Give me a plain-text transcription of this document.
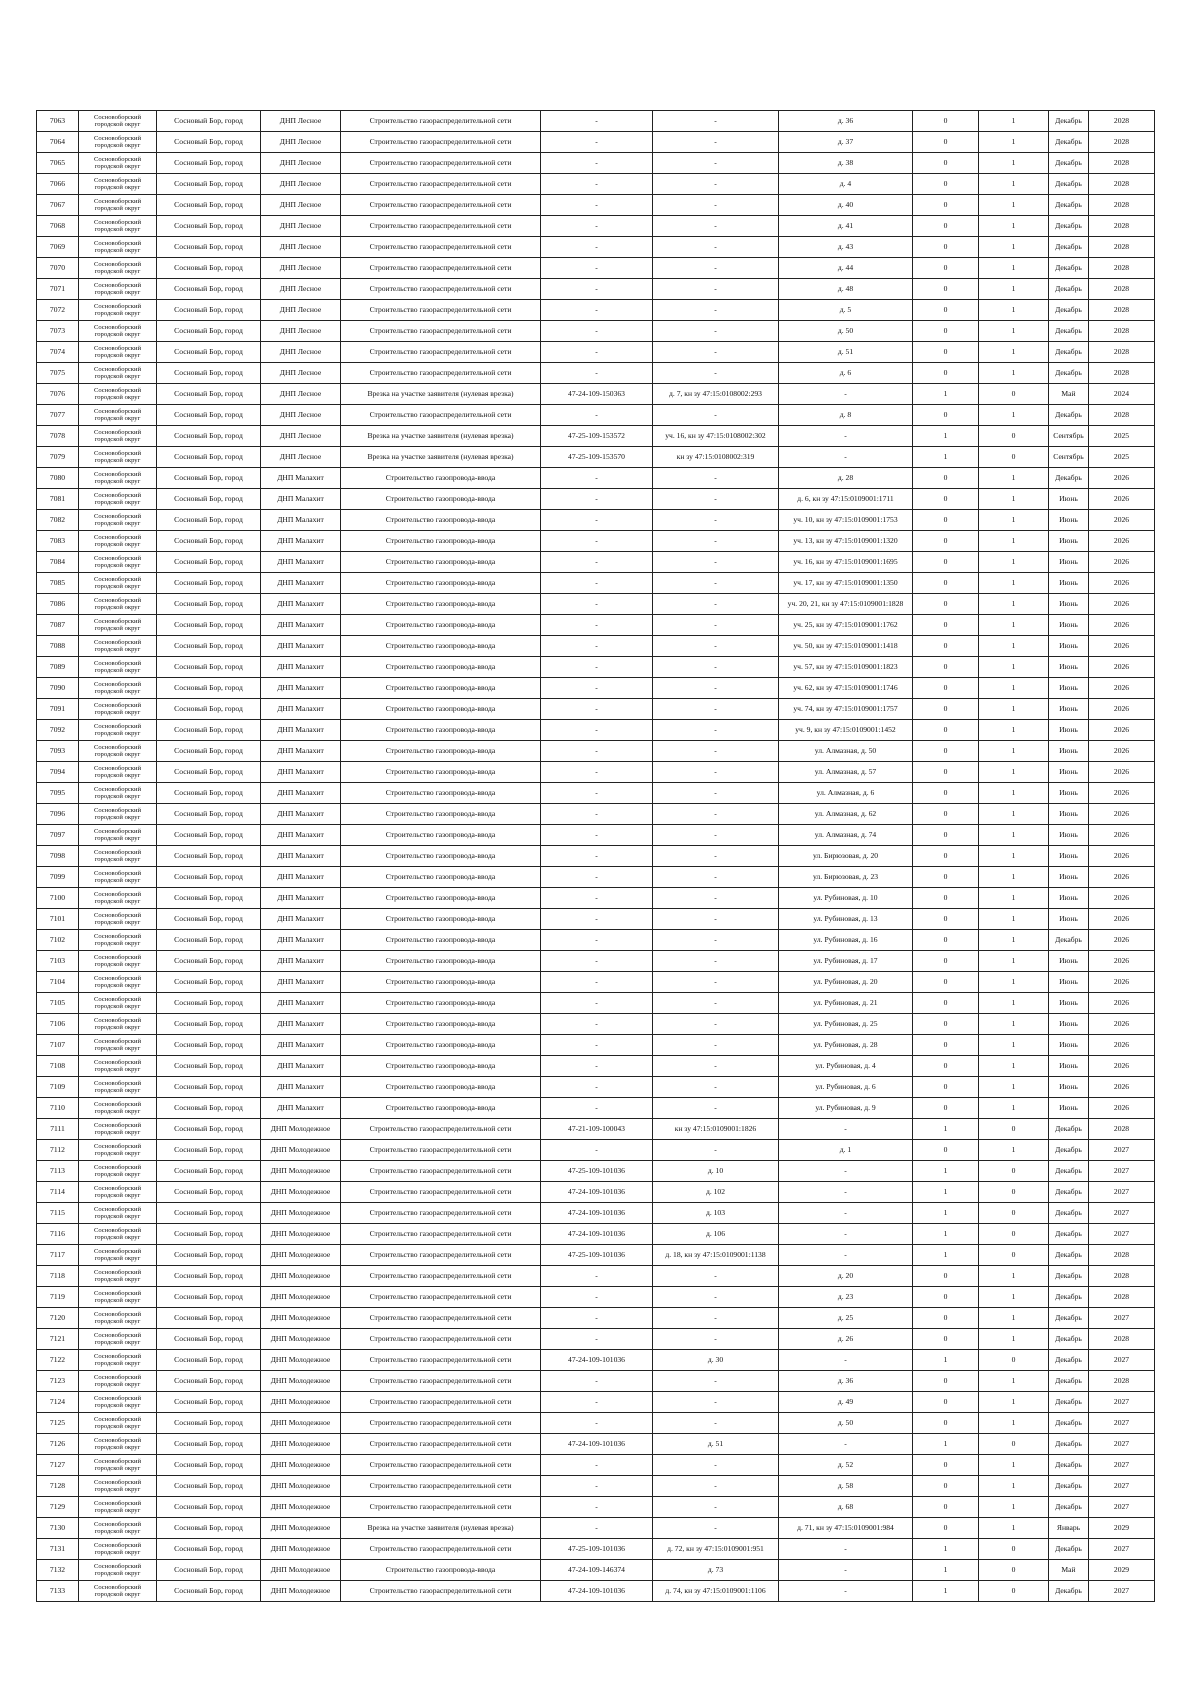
7063	Сосновоборский городской округ	Сосновый Бор, город	ДНП Лесное	Строительство газораспределительной сети	-	-	д. 36	0	1	Декабрь	2028
7064	Сосновоборский городской округ	Сосновый Бор, город	ДНП Лесное	Строительство газораспределительной сети	-	-	д. 37	0	1	Декабрь	2028
7065	Сосновоборский городской округ	Сосновый Бор, город	ДНП Лесное	Строительство газораспределительной сети	-	-	д. 38	0	1	Декабрь	2028
7066	Сосновоборский городской округ	Сосновый Бор, город	ДНП Лесное	Строительство газораспределительной сети	-	-	д. 4	0	1	Декабрь	2028
7067	Сосновоборский городской округ	Сосновый Бор, город	ДНП Лесное	Строительство газораспределительной сети	-	-	д. 40	0	1	Декабрь	2028
7068	Сосновоборский городской округ	Сосновый Бор, город	ДНП Лесное	Строительство газораспределительной сети	-	-	д. 41	0	1	Декабрь	2028
7069	Сосновоборский городской округ	Сосновый Бор, город	ДНП Лесное	Строительство газораспределительной сети	-	-	д. 43	0	1	Декабрь	2028
7070	Сосновоборский городской округ	Сосновый Бор, город	ДНП Лесное	Строительство газораспределительной сети	-	-	д. 44	0	1	Декабрь	2028
7071	Сосновоборский городской округ	Сосновый Бор, город	ДНП Лесное	Строительство газораспределительной сети	-	-	д. 48	0	1	Декабрь	2028
7072	Сосновоборский городской округ	Сосновый Бор, город	ДНП Лесное	Строительство газораспределительной сети	-	-	д. 5	0	1	Декабрь	2028
7073	Сосновоборский городской округ	Сосновый Бор, город	ДНП Лесное	Строительство газораспределительной сети	-	-	д. 50	0	1	Декабрь	2028
7074	Сосновоборский городской округ	Сосновый Бор, город	ДНП Лесное	Строительство газораспределительной сети	-	-	д. 51	0	1	Декабрь	2028
7075	Сосновоборский городской округ	Сосновый Бор, город	ДНП Лесное	Строительство газораспределительной сети	-	-	д. 6	0	1	Декабрь	2028
7076	Сосновоборский городской округ	Сосновый Бор, город	ДНП Лесное	Врезка на участке заявителя (нулевая врезка)	47-24-109-150363	д. 7, кн зу 47:15:0108002:293	-	1	0	Май	2024
7077	Сосновоборский городской округ	Сосновый Бор, город	ДНП Лесное	Строительство газораспределительной сети	-	-	д. 8	0	1	Декабрь	2028
7078	Сосновоборский городской округ	Сосновый Бор, город	ДНП Лесное	Врезка на участке заявителя (нулевая врезка)	47-25-109-153572	уч. 16, кн зу 47:15:0108002:302	-	1	0	Сентябрь	2025
7079	Сосновоборский городской округ	Сосновый Бор, город	ДНП Лесное	Врезка на участке заявителя (нулевая врезка)	47-25-109-153570	кн зу 47:15:0108002:319	-	1	0	Сентябрь	2025
7080	Сосновоборский городской округ	Сосновый Бор, город	ДНП Малахит	Строительство газопровода-ввода	-	-	д. 28	0	1	Декабрь	2026
7081	Сосновоборский городской округ	Сосновый Бор, город	ДНП Малахит	Строительство газопровода-ввода	-	-	д. 6, кн зу 47:15:0109001:1711	0	1	Июнь	2026
7082	Сосновоборский городской округ	Сосновый Бор, город	ДНП Малахит	Строительство газопровода-ввода	-	-	уч. 10, кн зу 47:15:0109001:1753	0	1	Июнь	2026
7083	Сосновоборский городской округ	Сосновый Бор, город	ДНП Малахит	Строительство газопровода-ввода	-	-	уч. 13, кн зу 47:15:0109001:1320	0	1	Июнь	2026
7084	Сосновоборский городской округ	Сосновый Бор, город	ДНП Малахит	Строительство газопровода-ввода	-	-	уч. 16, кн зу 47:15:0109001:1695	0	1	Июнь	2026
7085	Сосновоборский городской округ	Сосновый Бор, город	ДНП Малахит	Строительство газопровода-ввода	-	-	уч. 17, кн зу 47:15:0109001:1350	0	1	Июнь	2026
7086	Сосновоборский городской округ	Сосновый Бор, город	ДНП Малахит	Строительство газопровода-ввода	-	-	уч. 20, 21, кн зу 47:15:0109001:1828	0	1	Июнь	2026
7087	Сосновоборский городской округ	Сосновый Бор, город	ДНП Малахит	Строительство газопровода-ввода	-	-	уч. 25, кн зу 47:15:0109001:1762	0	1	Июнь	2026
7088	Сосновоборский городской округ	Сосновый Бор, город	ДНП Малахит	Строительство газопровода-ввода	-	-	уч. 50, кн зу 47:15:0109001:1418	0	1	Июнь	2026
7089	Сосновоборский городской округ	Сосновый Бор, город	ДНП Малахит	Строительство газопровода-ввода	-	-	уч. 57, кн зу 47:15:0109001:1823	0	1	Июнь	2026
7090	Сосновоборский городской округ	Сосновый Бор, город	ДНП Малахит	Строительство газопровода-ввода	-	-	уч. 62, кн зу 47:15:0109001:1746	0	1	Июнь	2026
7091	Сосновоборский городской округ	Сосновый Бор, город	ДНП Малахит	Строительство газопровода-ввода	-	-	уч. 74, кн зу 47:15:0109001:1757	0	1	Июнь	2026
7092	Сосновоборский городской округ	Сосновый Бор, город	ДНП Малахит	Строительство газопровода-ввода	-	-	уч. 9, кн зу 47:15:0109001:1452	0	1	Июнь	2026
7093	Сосновоборский городской округ	Сосновый Бор, город	ДНП Малахит	Строительство газопровода-ввода	-	-	ул. Алмазная, д. 50	0	1	Июнь	2026
7094	Сосновоборский городской округ	Сосновый Бор, город	ДНП Малахит	Строительство газопровода-ввода	-	-	ул. Алмазная, д. 57	0	1	Июнь	2026
7095	Сосновоборский городской округ	Сосновый Бор, город	ДНП Малахит	Строительство газопровода-ввода	-	-	ул. Алмазная, д. 6	0	1	Июнь	2026
7096	Сосновоборский городской округ	Сосновый Бор, город	ДНП Малахит	Строительство газопровода-ввода	-	-	ул. Алмазная, д. 62	0	1	Июнь	2026
7097	Сосновоборский городской округ	Сосновый Бор, город	ДНП Малахит	Строительство газопровода-ввода	-	-	ул. Алмазная, д. 74	0	1	Июнь	2026
7098	Сосновоборский городской округ	Сосновый Бор, город	ДНП Малахит	Строительство газопровода-ввода	-	-	ул. Бирюзовая, д. 20	0	1	Июнь	2026
7099	Сосновоборский городской округ	Сосновый Бор, город	ДНП Малахит	Строительство газопровода-ввода	-	-	ул. Бирюзовая, д. 23	0	1	Июнь	2026
7100	Сосновоборский городской округ	Сосновый Бор, город	ДНП Малахит	Строительство газопровода-ввода	-	-	ул. Рубиновая, д. 10	0	1	Июнь	2026
7101	Сосновоборский городской округ	Сосновый Бор, город	ДНП Малахит	Строительство газопровода-ввода	-	-	ул. Рубиновая, д. 13	0	1	Июнь	2026
7102	Сосновоборский городской округ	Сосновый Бор, город	ДНП Малахит	Строительство газопровода-ввода	-	-	ул. Рубиновая, д. 16	0	1	Декабрь	2026
7103	Сосновоборский городской округ	Сосновый Бор, город	ДНП Малахит	Строительство газопровода-ввода	-	-	ул. Рубиновая, д. 17	0	1	Июнь	2026
7104	Сосновоборский городской округ	Сосновый Бор, город	ДНП Малахит	Строительство газопровода-ввода	-	-	ул. Рубиновая, д. 20	0	1	Июнь	2026
7105	Сосновоборский городской округ	Сосновый Бор, город	ДНП Малахит	Строительство газопровода-ввода	-	-	ул. Рубиновая, д. 21	0	1	Июнь	2026
7106	Сосновоборский городской округ	Сосновый Бор, город	ДНП Малахит	Строительство газопровода-ввода	-	-	ул. Рубиновая, д. 25	0	1	Июнь	2026
7107	Сосновоборский городской округ	Сосновый Бор, город	ДНП Малахит	Строительство газопровода-ввода	-	-	ул. Рубиновая, д. 28	0	1	Июнь	2026
7108	Сосновоборский городской округ	Сосновый Бор, город	ДНП Малахит	Строительство газопровода-ввода	-	-	ул. Рубиновая, д. 4	0	1	Июнь	2026
7109	Сосновоборский городской округ	Сосновый Бор, город	ДНП Малахит	Строительство газопровода-ввода	-	-	ул. Рубиновая, д. 6	0	1	Июнь	2026
7110	Сосновоборский городской округ	Сосновый Бор, город	ДНП Малахит	Строительство газопровода-ввода	-	-	ул. Рубиновая, д. 9	0	1	Июнь	2026
7111	Сосновоборский городской округ	Сосновый Бор, город	ДНП Молодежное	Строительство газораспределительной сети	47-21-109-100043	кн зу 47:15:0109001:1826	-	1	0	Декабрь	2028
7112	Сосновоборский городской округ	Сосновый Бор, город	ДНП Молодежное	Строительство газораспределительной сети	-	-	д. 1	0	1	Декабрь	2027
7113	Сосновоборский городской округ	Сосновый Бор, город	ДНП Молодежное	Строительство газораспределительной сети	47-25-109-101036	д. 10	-	1	0	Декабрь	2027
7114	Сосновоборский городской округ	Сосновый Бор, город	ДНП Молодежное	Строительство газораспределительной сети	47-24-109-101036	д. 102	-	1	0	Декабрь	2027
7115	Сосновоборский городской округ	Сосновый Бор, город	ДНП Молодежное	Строительство газораспределительной сети	47-24-109-101036	д. 103	-	1	0	Декабрь	2027
7116	Сосновоборский городской округ	Сосновый Бор, город	ДНП Молодежное	Строительство газораспределительной сети	47-24-109-101036	д. 106	-	1	0	Декабрь	2027
7117	Сосновоборский городской округ	Сосновый Бор, город	ДНП Молодежное	Строительство газораспределительной сети	47-25-109-101036	д. 18, кн зу 47:15:0109001:1138	-	1	0	Декабрь	2028
7118	Сосновоборский городской округ	Сосновый Бор, город	ДНП Молодежное	Строительство газораспределительной сети	-	-	д. 20	0	1	Декабрь	2028
7119	Сосновоборский городской округ	Сосновый Бор, город	ДНП Молодежное	Строительство газораспределительной сети	-	-	д. 23	0	1	Декабрь	2028
7120	Сосновоборский городской округ	Сосновый Бор, город	ДНП Молодежное	Строительство газораспределительной сети	-	-	д. 25	0	1	Декабрь	2027
7121	Сосновоборский городской округ	Сосновый Бор, город	ДНП Молодежное	Строительство газораспределительной сети	-	-	д. 26	0	1	Декабрь	2028
7122	Сосновоборский городской округ	Сосновый Бор, город	ДНП Молодежное	Строительство газораспределительной сети	47-24-109-101036	д. 30	-	1	0	Декабрь	2027
7123	Сосновоборский городской округ	Сосновый Бор, город	ДНП Молодежное	Строительство газораспределительной сети	-	-	д. 36	0	1	Декабрь	2028
7124	Сосновоборский городской округ	Сосновый Бор, город	ДНП Молодежное	Строительство газораспределительной сети	-	-	д. 49	0	1	Декабрь	2027
7125	Сосновоборский городской округ	Сосновый Бор, город	ДНП Молодежное	Строительство газораспределительной сети	-	-	д. 50	0	1	Декабрь	2027
7126	Сосновоборский городской округ	Сосновый Бор, город	ДНП Молодежное	Строительство газораспределительной сети	47-24-109-101036	д. 51	-	1	0	Декабрь	2027
7127	Сосновоборский городской округ	Сосновый Бор, город	ДНП Молодежное	Строительство газораспределительной сети	-	-	д. 52	0	1	Декабрь	2027
7128	Сосновоборский городской округ	Сосновый Бор, город	ДНП Молодежное	Строительство газораспределительной сети	-	-	д. 58	0	1	Декабрь	2027
7129	Сосновоборский городской округ	Сосновый Бор, город	ДНП Молодежное	Строительство газораспределительной сети	-	-	д. 68	0	1	Декабрь	2027
7130	Сосновоборский городской округ	Сосновый Бор, город	ДНП Молодежное	Врезка на участке заявителя (нулевая врезка)	-	-	д. 71, кн зу 47:15:0109001:984	0	1	Январь	2029
7131	Сосновоборский городской округ	Сосновый Бор, город	ДНП Молодежное	Строительство газораспределительной сети	47-25-109-101036	д. 72, кн зу 47:15:0109001:951	-	1	0	Декабрь	2027
7132	Сосновоборский городской округ	Сосновый Бор, город	ДНП Молодежное	Строительство газопровода-ввода	47-24-109-146374	д. 73	-	1	0	Май	2029
7133	Сосновоборский городской округ	Сосновый Бор, город	ДНП Молодежное	Строительство газораспределительной сети	47-24-109-101036	д. 74, кн зу 47:15:0109001:1106	-	1	0	Декабрь	2027
